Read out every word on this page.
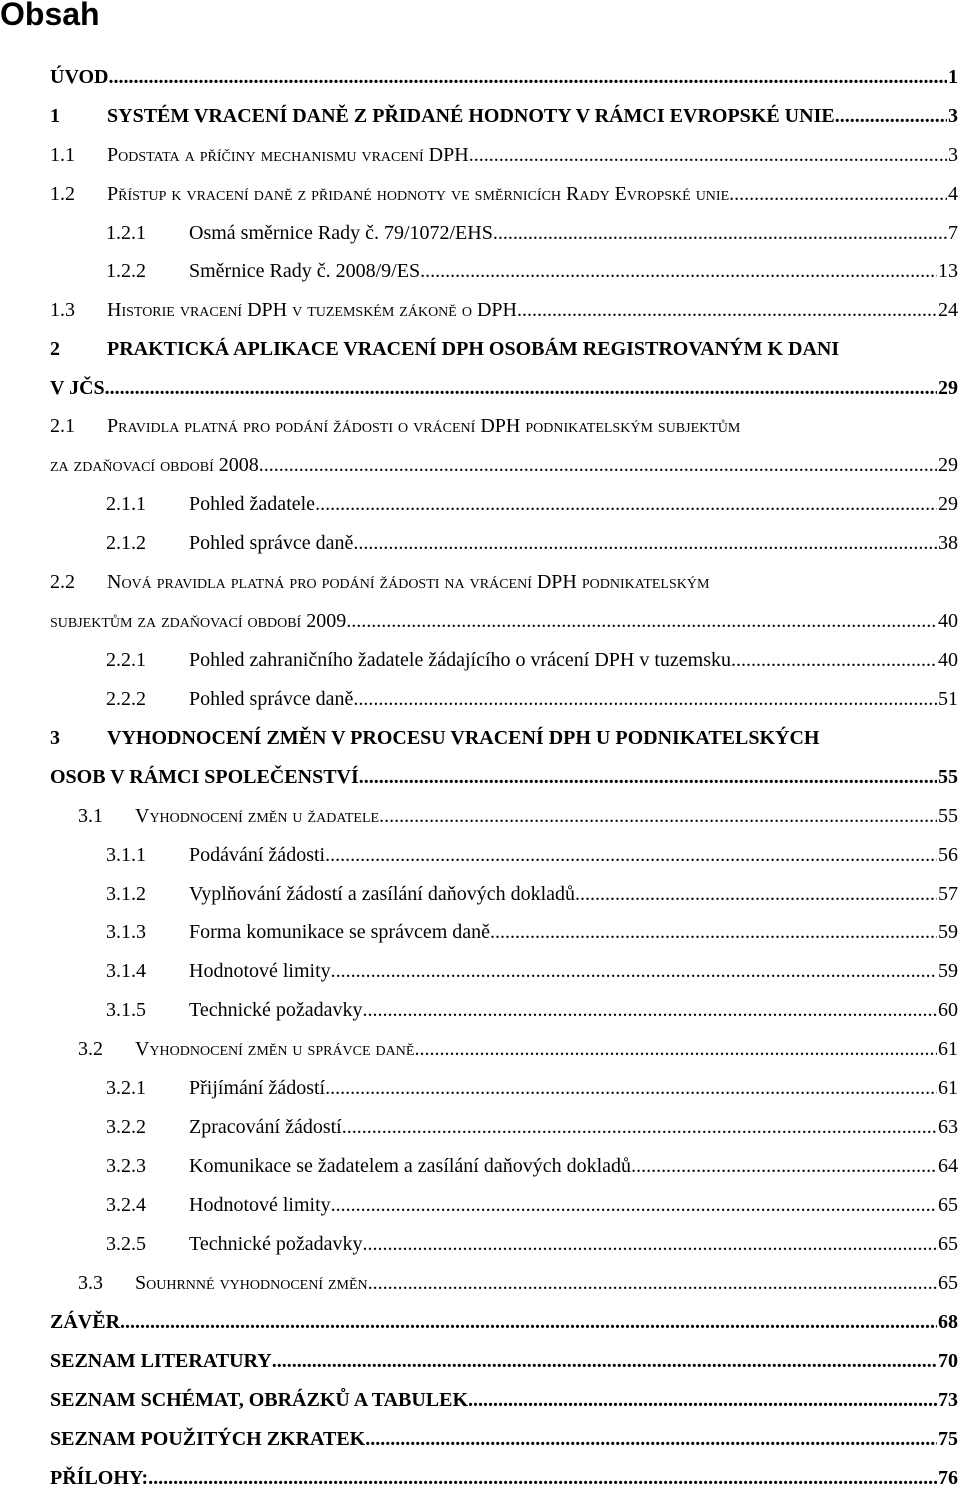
Obsah
ÚVOD .....	1
1 SYSTÉM VRACENÍ DANĚ Z PŘIDANÉ HODNOTY V RÁMCI EVROPSKÉ UNIE .....	3
1.1 Podstata a příčiny mechanismu vracení DPH .....	3
1.2 Přístup k vracení daně z přidané hodnoty ve směrnicích Rady Evropské unie .....	4
1.2.1 Osmá směrnice Rady č. 79/1072/EHS .....	7
1.2.2 Směrnice Rady č. 2008/9/ES .....	13
1.3 Historie vracení DPH v tuzemském zákoně o DPH .....	24
2 PRAKTICKÁ APLIKACE VRACENÍ DPH OSOBÁM REGISTROVANÝM K DANI
V JČS .....	29
2.1 Pravidla platná pro podání žádosti o vrácení DPH podnikatelským subjektům
za zdaňovací období 2008 .....	29
2.1.1 Pohled žadatele .....	29
2.1.2 Pohled správce daně .....	38
2.2 Nová pravidla platná pro podání žádosti na vrácení DPH podnikatelským
subjektům za zdaňovací období 2009 .....	40
2.2.1 Pohled zahraničního žadatele žádajícího o vrácení DPH v tuzemsku .....	40
2.2.2 Pohled správce daně .....	51
3 VYHODNOCENÍ ZMĚN V PROCESU VRACENÍ DPH U PODNIKATELSKÝCH
OSOB V RÁMCI SPOLEČENSTVÍ .....	55
3.1 Vyhodnocení změn u žadatele .....	55
3.1.1 Podávání žádosti .....	56
3.1.2 Vyplňování žádostí a zasílání daňových dokladů .....	57
3.1.3 Forma komunikace se správcem daně .....	59
3.1.4 Hodnotové limity .....	59
3.1.5 Technické požadavky .....	60
3.2 Vyhodnocení změn u správce daně .....	61
3.2.1 Přijímání žádostí .....	61
3.2.2 Zpracování žádostí .....	63
3.2.3 Komunikace se žadatelem a zasílání daňových dokladů .....	64
3.2.4 Hodnotové limity .....	65
3.2.5 Technické požadavky .....	65
3.3 Souhrnné vyhodnocení změn .....	65
ZÁVĚR .....	68
SEZNAM LITERATURY .....	70
SEZNAM SCHÉMAT, OBRÁZKŮ A TABULEK .....	73
SEZNAM POUŽITÝCH ZKRATEK .....	75
PŘÍLOHY: .....	76
